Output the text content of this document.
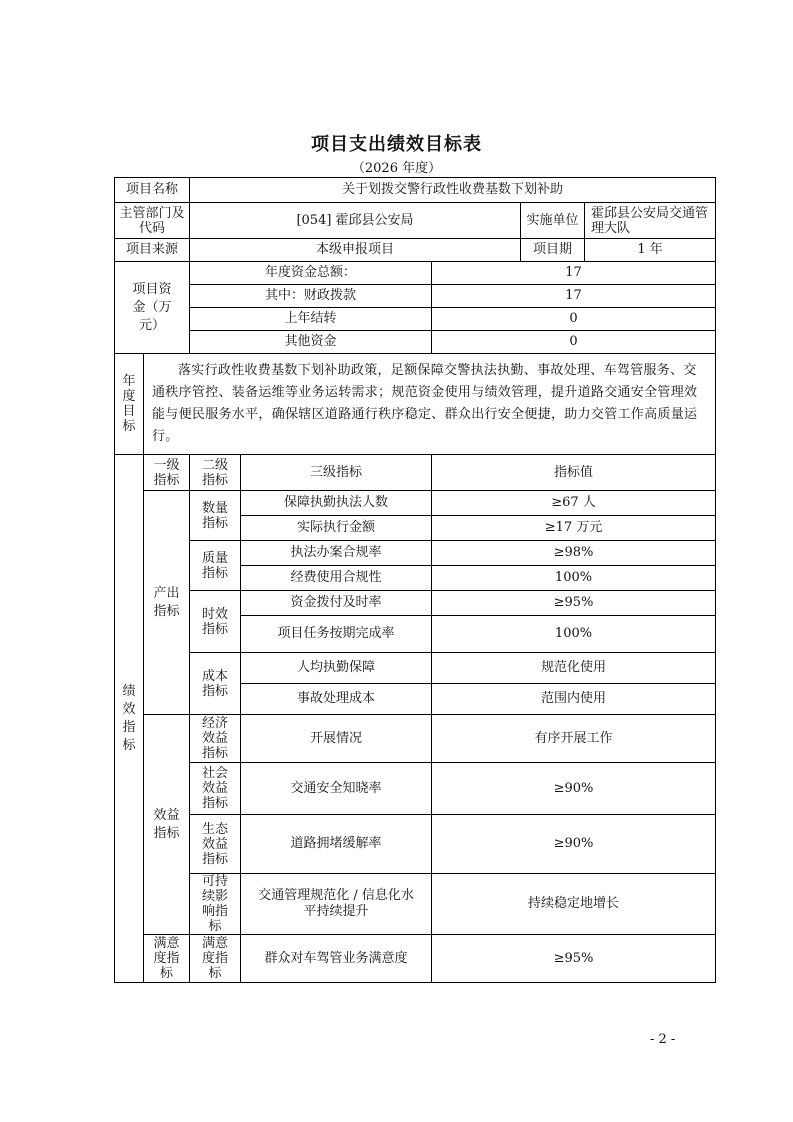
项目支出绩效目标表
（2026 年度）
项目名称		关于划拨交警行政性收费基数下划补助				
主管部门及代码		[054] 霍邱县公安局			实施单位	霍邱县公安局交通管理大队
项目来源		本级申报项目			项目期	1 年
项目资金（万元）		年度资金总额：		17		
		其中：财政拨款		17		
		上年结转		0		
		其他资金		0		
年度目标	落实行政性收费基数下划补助政策，足额保障交警执法执勤、事故处理、车驾管服务、交通秩序管控、装备运维等业务运转需求；规范资金使用与绩效管理，提升道路交通安全管理效能与便民服务水平，确保辖区道路通行秩序稳定、群众出行安全便捷，助力交管工作高质量运行。					
绩效指标	一级指标	二级指标	三级指标	指标值		
	产出指标	数量指标	保障执勤执法人数	≥67 人		
			实际执行金额	≥17 万元		
		质量指标	执法办案合规率	≥98%		
			经费使用合规性	100%		
		时效指标	资金拨付及时率	≥95%		
			项目任务按期完成率	100%		
		成本指标	人均执勤保障	规范化使用		
			事故处理成本	范围内使用		
	效益指标	经济效益指标	开展情况	有序开展工作		
		社会效益指标	交通安全知晓率	≥90%		
		生态效益指标	道路拥堵缓解率	≥90%		
		可持续影响指标	交通管理规范化 / 信息化水平持续提升	持续稳定地增长		
	满意度指标	满意度指标	群众对车驾管业务满意度	≥95%		
- 2 -
